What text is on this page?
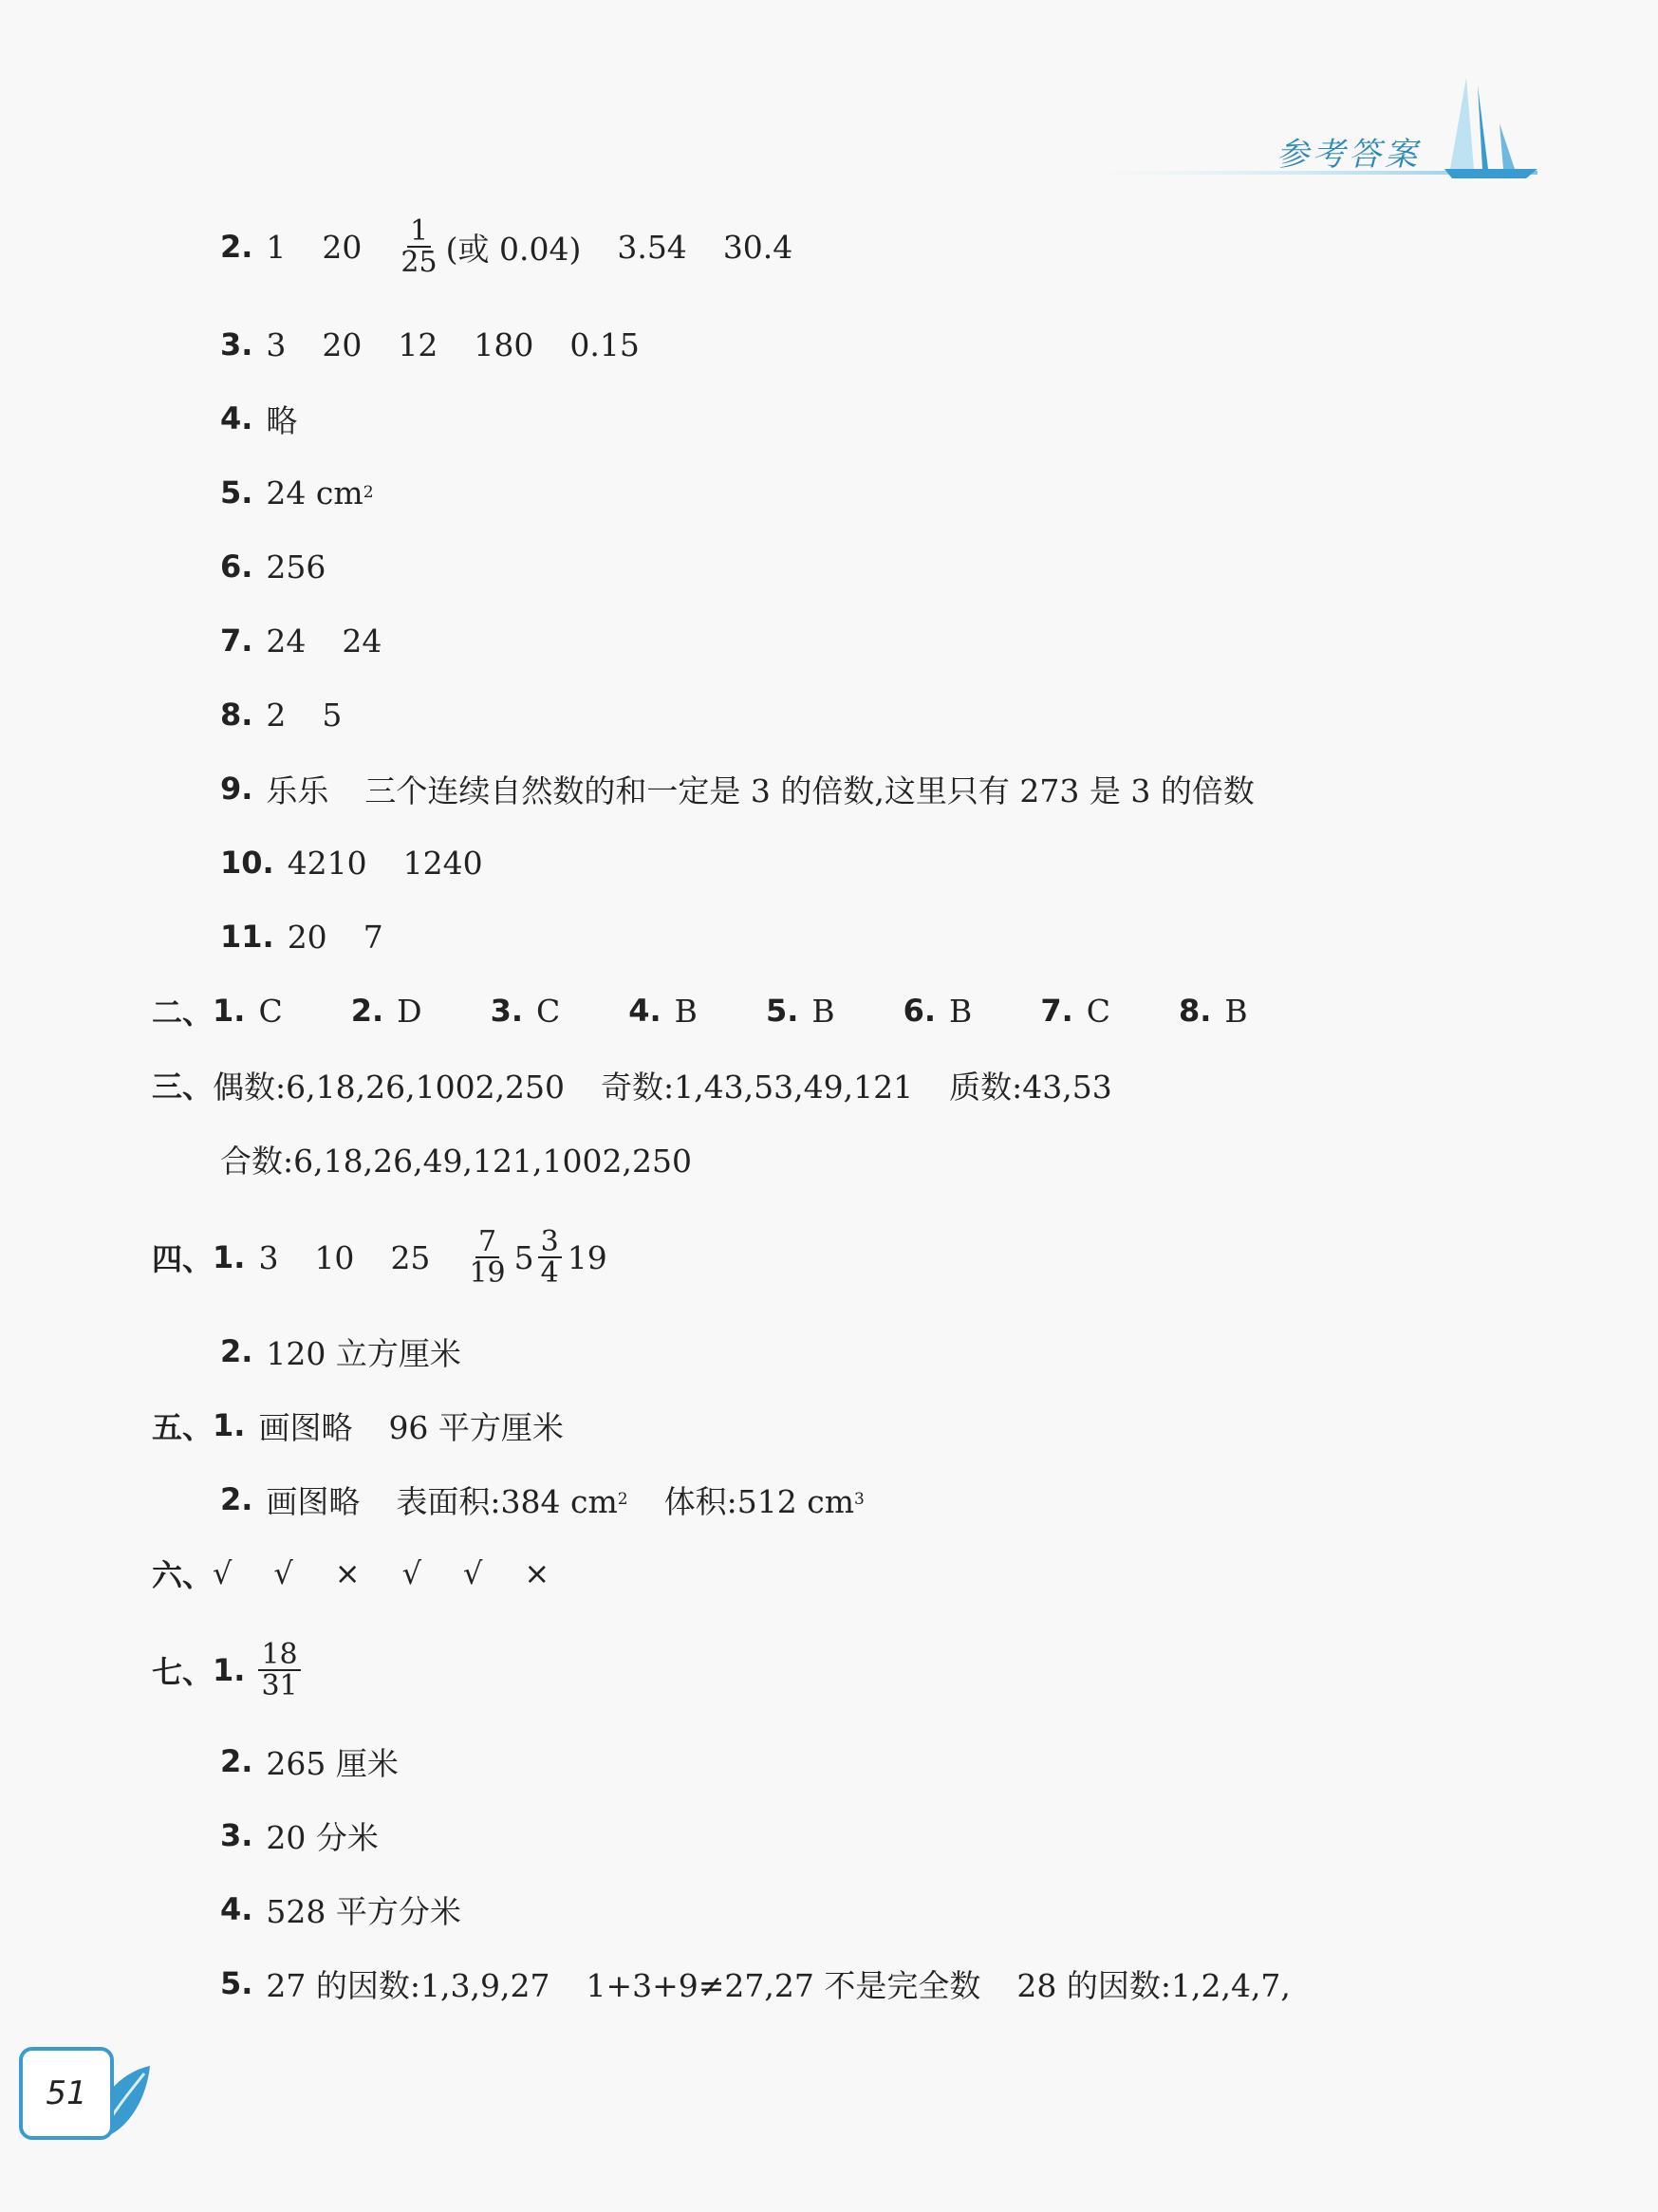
参考答案
2. 1 $20 \frac{1}{25}$ (或 0.04) 3.54 30.4
3. 3 20 12 180 0.15
4. 略
5. 24 cm 2
6. 256
7. 24 24
8. 2 5
9. 乐乐 三个连续自然数的和一定是 3 的倍数,这里只有 273 是 3 的倍数
10. 4210 1240
11. 20 7
二、 1. C 2. D 3. C 4. B 5. B 6. B 7. C 8. B
三、 偶数:6,18,26,1002,250 奇数:1,43,53,49,121 质数:43,53
合数:6,18,26,49,121,1002,250
四、 1. 3 10 $25 \frac{7}{19} 5 \frac{3}{4} 19$
2. 120 立方厘米
五、 1. 画图略 96 平方厘米
2. 画图略 表面积:384 cm 2 体积:512 cm 3
六、 √ √ × √ √ ×
七、 1. $\frac{18}{31}$
2. 265 厘米
3. 20 分米
4. 528 平方分米
5. 27 的因数:1,3,9,27 1+3+9≠27,27 不是完全数 28 的因数:1,2,4,7,
51
